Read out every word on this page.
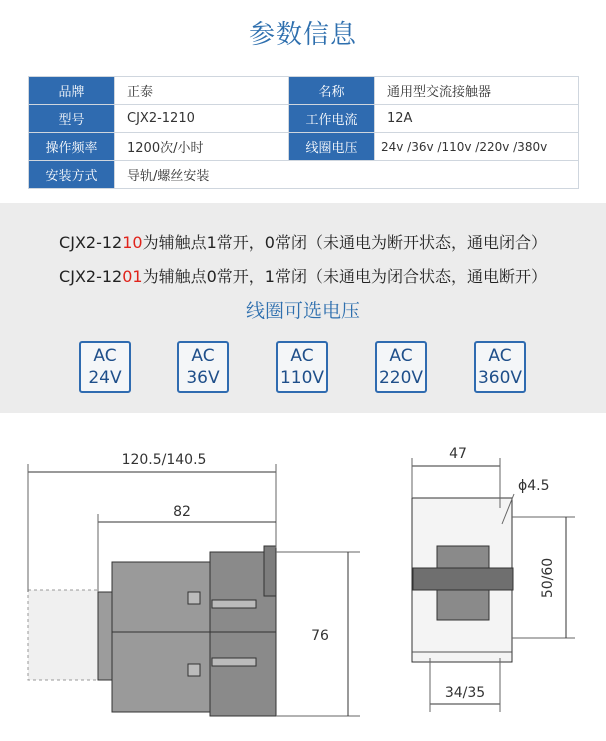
参数信息
品牌	正泰	名称	通用型交流接触器
型号	CJX2-1210	工作电流	12A
操作频率	1200次/小时	线圈电压	24v /36v /110v /220v /380v
安装方式	导轨/螺丝安装		
CJX2-1210为辅触点1常开，0常闭（未通电为断开状态，通电闭合）
CJX2-1201为辅触点0常开，1常闭（未通电为闭合状态，通电断开）
线圈可选电压
AC
24V
AC
36V
AC
110V
AC
220V
AC
360V
120.5/140.5
82
76
47
ϕ4.5
50/60
34/35
